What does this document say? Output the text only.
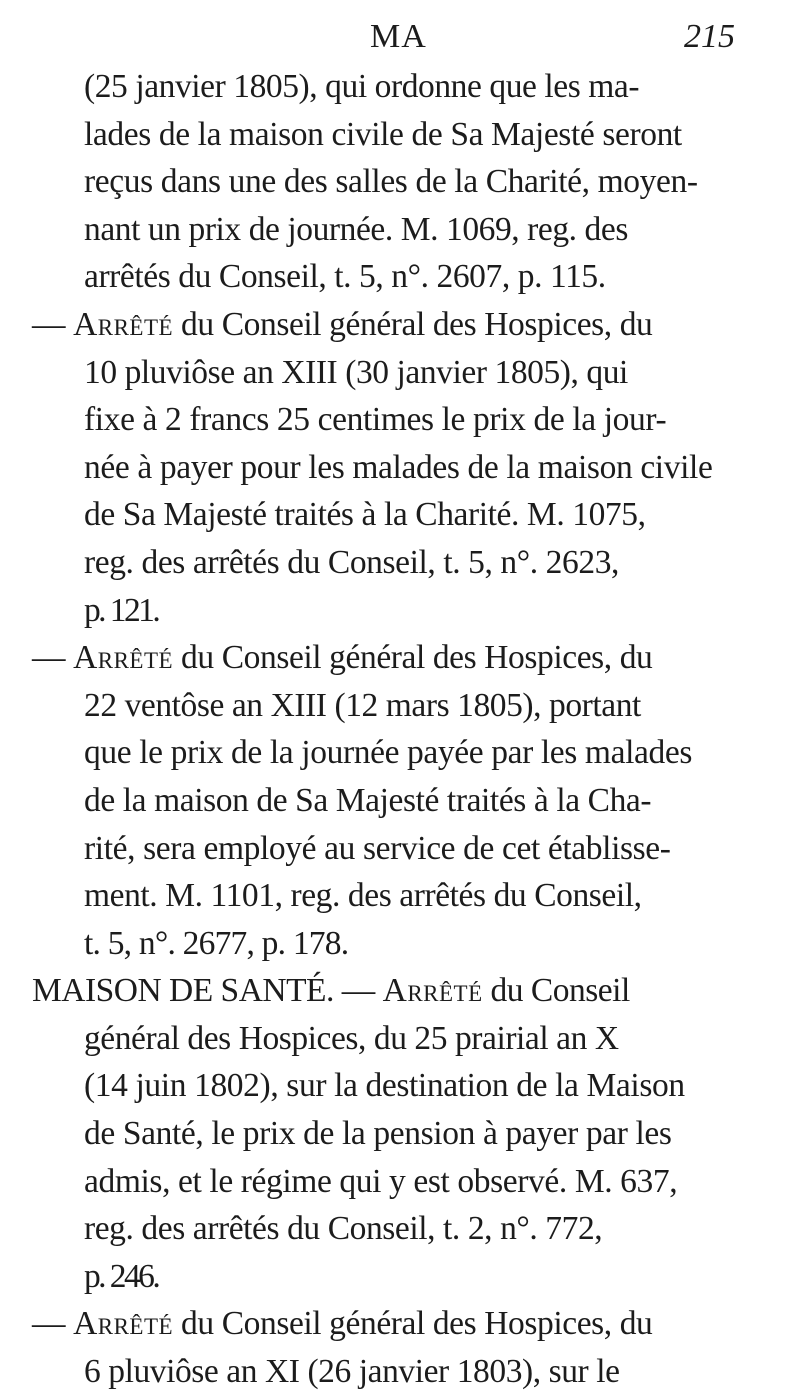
MA	215
(25 janvier 1805), qui ordonne que les ma-
lades de la maison civile de Sa Majesté seront
reçus dans une des salles de la Charité, moyen-
nant un prix de journée. M. 1069, reg. des
arrêtés du Conseil, t. 5, n°. 2607, p. 115.
— Arrêté du Conseil général des Hospices, du
10 pluviôse an XIII (30 janvier 1805), qui
fixe à 2 francs 25 centimes le prix de la jour-
née à payer pour les malades de la maison civile
de Sa Majesté traités à la Charité. M. 1075,
reg. des arrêtés du Conseil, t. 5, n°. 2623,
p. 121.
— Arrêté du Conseil général des Hospices, du
22 ventôse an XIII (12 mars 1805), portant
que le prix de la journée payée par les malades
de la maison de Sa Majesté traités à la Cha-
rité, sera employé au service de cet établisse-
ment. M. 1101, reg. des arrêtés du Conseil,
t. 5, n°. 2677, p. 178.
MAISON DE SANTÉ. — Arrêté du Conseil
général des Hospices, du 25 prairial an X
(14 juin 1802), sur la destination de la Maison
de Santé, le prix de la pension à payer par les
admis, et le régime qui y est observé. M. 637,
reg. des arrêtés du Conseil, t. 2, n°. 772,
p. 246.
— Arrêté du Conseil général des Hospices, du
6 pluviôse an XI (26 janvier 1803), sur le
